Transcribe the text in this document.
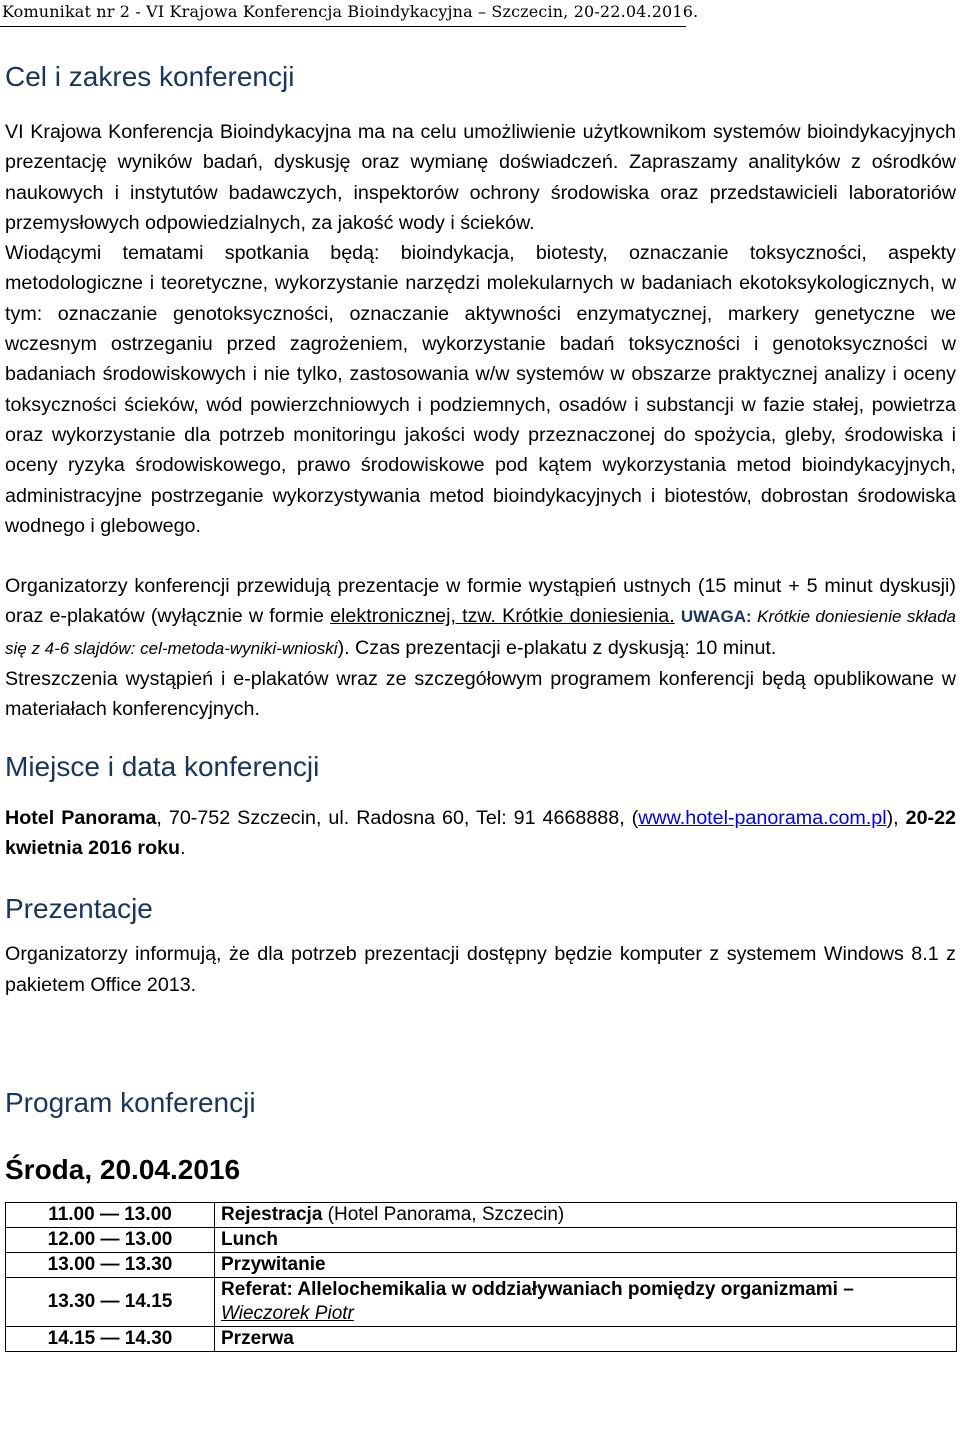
Komunikat nr 2 - VI Krajowa Konferencja Bioindykacyjna – Szczecin, 20-22.04.2016.
Cel i zakres konferencji

VI Krajowa Konferencja Bioindykacyjna ma na celu umożliwienie użytkownikom systemów bioindykacyjnych prezentację wyników badań, dyskusję oraz wymianę doświadczeń. Zapraszamy analityków z ośrodków naukowych i instytutów badawczych, inspektorów ochrony środowiska oraz przedstawicieli laboratoriów przemysłowych odpowiedzialnych, za jakość wody i ścieków.

Wiodącymi tematami spotkania będą: bioindykacja, biotesty, oznaczanie toksyczności, aspekty metodologiczne i teoretyczne, wykorzystanie narzędzi molekularnych w badaniach ekotoksykologicznych, w tym: oznaczanie genotoksyczności, oznaczanie aktywności enzymatycznej, markery genetyczne we wczesnym ostrzeganiu przed zagrożeniem, wykorzystanie badań toksyczności i genotoksyczności w badaniach środowiskowych i nie tylko, zastosowania w/w systemów w obszarze praktycznej analizy i oceny toksyczności ścieków, wód powierzchniowych i podziemnych, osadów i substancji w fazie stałej, powietrza oraz wykorzystanie dla potrzeb monitoringu jakości wody przeznaczonej do spożycia, gleby, środowiska i oceny ryzyka środowiskowego, prawo środowiskowe pod kątem wykorzystania metod bioindykacyjnych, administracyjne postrzeganie wykorzystywania metod bioindykacyjnych i biotestów, dobrostan środowiska wodnego i glebowego.

Organizatorzy konferencji przewidują prezentacje w formie wystąpień ustnych (15 minut + 5 minut dyskusji) oraz e-plakatów (wyłącznie w formie elektronicznej, tzw. Krótkie doniesienia. UWAGA: Krótkie doniesienie składa się z 4-6 slajdów: cel-metoda-wyniki-wnioski). Czas prezentacji e-plakatu z dyskusją: 10 minut.

Streszczenia wystąpień i e-plakatów wraz ze szczegółowym programem konferencji będą opublikowane w materiałach konferencyjnych.

Miejsce i data konferencji

Hotel Panorama, 70-752 Szczecin, ul. Radosna 60, Tel: 91 4668888, (www.hotel-panorama.com.pl), 20-22 kwietnia 2016 roku.

Prezentacje

Organizatorzy informują, że dla potrzeb prezentacji dostępny będzie komputer z systemem Windows 8.1 z pakietem Office 2013.

Program konferencji
Środa, 20.04.2016
11.00 — 13.00	Rejestracja (Hotel Panorama, Szczecin)
12.00 — 13.00	Lunch
13.00 — 13.30	Przywitanie
13.30 — 14.15	Referat: Allelochemikalia w oddziaływaniach pomiędzy organizmami –
Wieczorek Piotr
14.15 — 14.30	Przerwa
